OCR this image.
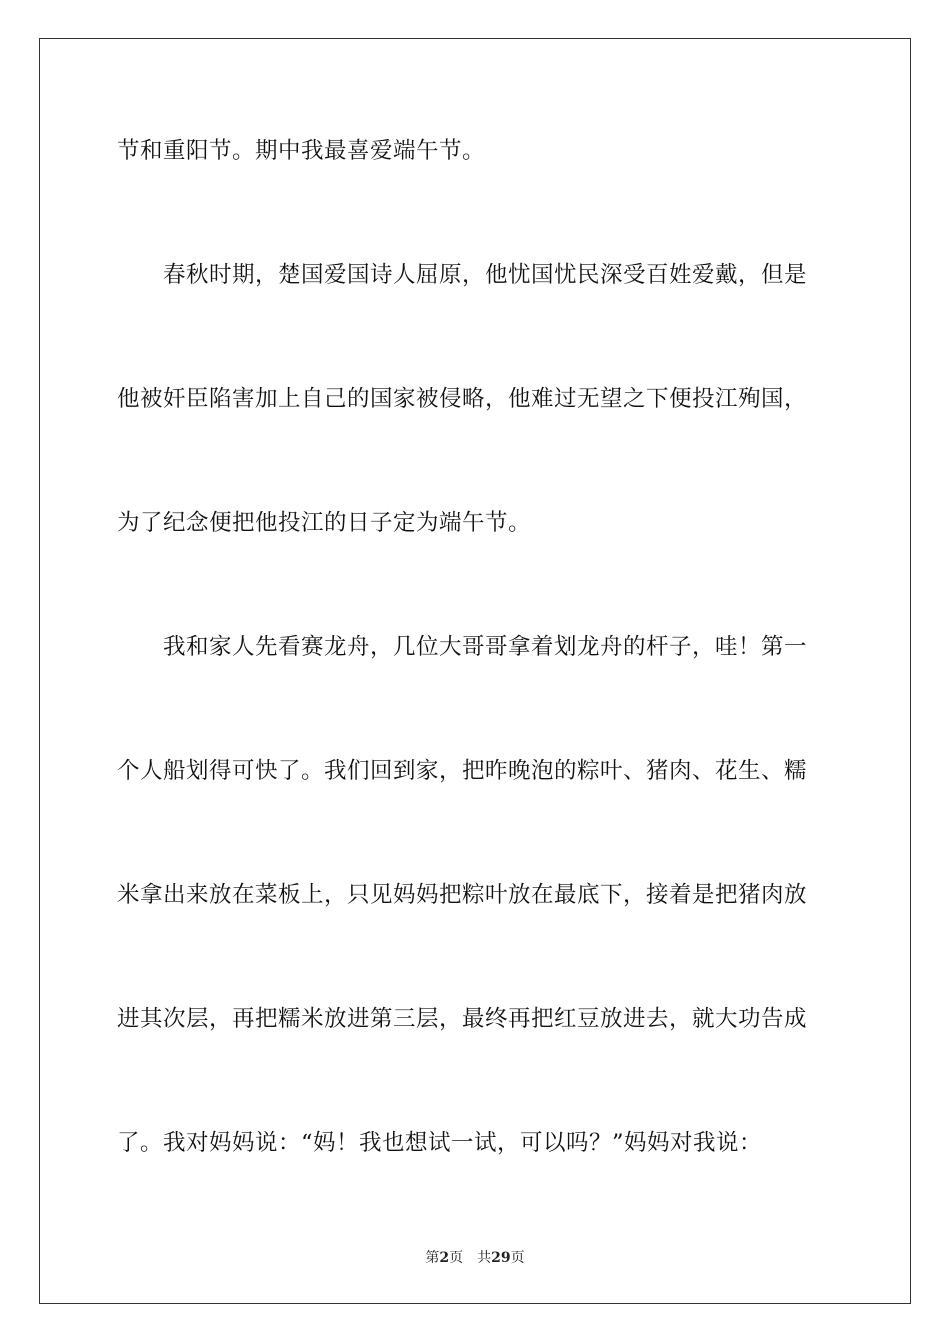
节和重阳节。期中我最喜爱端午节。
春秋时期，楚国爱国诗人屈原，他忧国忧民深受百姓爱戴，但是
他被奸臣陷害加上自己的国家被侵略，他难过无望之下便投江殉国，
为了纪念便把他投江的日子定为端午节。
我和家人先看赛龙舟，几位大哥哥拿着划龙舟的杆子，哇！第一
个人船划得可快了。我们回到家，把昨晚泡的粽叶、猪肉、花生、糯
米拿出来放在菜板上，只见妈妈把粽叶放在最底下，接着是把猪肉放
进其次层，再把糯米放进第三层，最终再把红豆放进去，就大功告成
了。我对妈妈说：“妈！我也想试一试，可以吗？”妈妈对我说：
第2页 共29页
